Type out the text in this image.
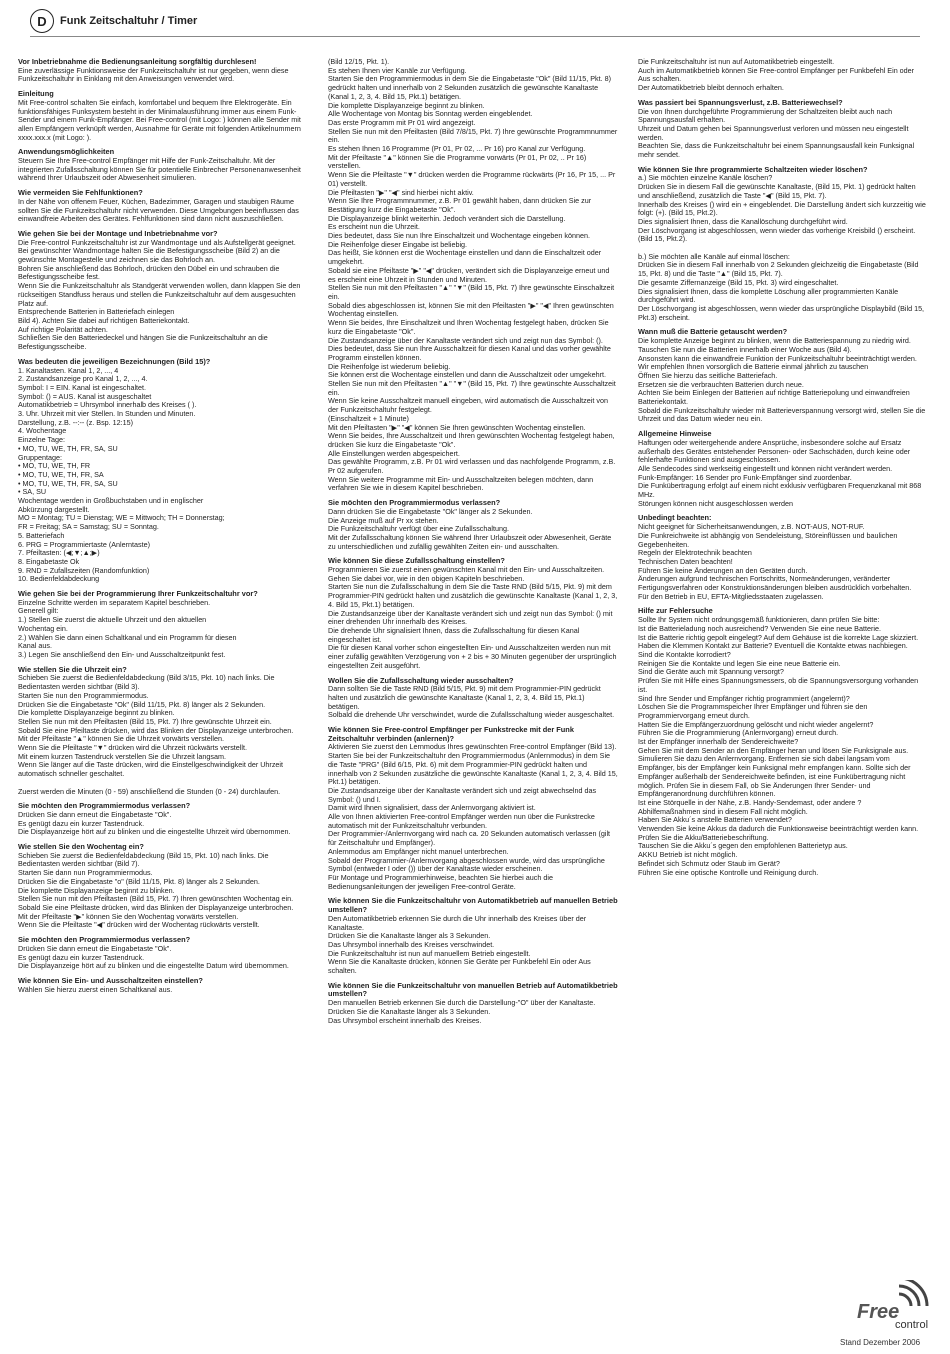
D	Funk Zeitschaltuhr / Timer
Vor Inbetriebnahme die Bedienungsanleitung sorgfältig durchlesen!

Eine zuverlässige Funktionsweise der Funkzeitschaltuhr ist nur gegeben, wenn diese Funkzeitschaltuhr in Einklang mit den Anweisungen verwendet wird.

Einleitung

Mit Free-control schalten Sie einfach, komfortabel und bequem Ihre Elektrogeräte. Ein funktionsfähiges Funksystem besteht in der Minimalausführung immer aus einem Funk-Sender und einem Funk-Empfänger. Bei Free-control (mit Logo: ) können alle Sender mit allen Empfängern verknüpft werden, Ausnahme für Geräte mit folgenden Artikelnummern xxxx.xxx.x (mit Logo: ).

Anwendungsmöglichkeiten

Steuern Sie Ihre Free-control Empfänger mit Hilfe der Funk-Zeitschaltuhr. Mit der integrierten Zufallsschaltung können Sie für potentielle Einbrecher Personenanwesenheit während Ihrer Urlaubszeit oder Abwesenheit simulieren.

Wie vermeiden Sie Fehlfunktionen?

In der Nähe von offenem Feuer, Küchen, Badezimmer, Garagen und staubigen Räume sollten Sie die Funkzeitschaltuhr nicht verwenden. Diese Umgebungen beeinflussen das einwandfreie Arbeiten des Gerätes. Fehlfunktionen sind dann nicht auszuschließen.

Wie gehen Sie bei der Montage und Inbetriebnahme vor?

Die Free-control Funkzeitschaltuhr ist zur Wandmontage und als Aufstellgerät geeignet.
Bei gewünschter Wandmontage halten Sie die Befestigungsscheibe (Bild 2) an die gewünschte Montagestelle und zeichnen sie das Bohrloch an.
Bohren Sie anschließend das Bohrloch, drücken den Dübel ein und schrauben die Befestigungsscheibe fest.
Wenn Sie die Funkzeitschaltuhr als Standgerät verwenden wollen, dann klappen Sie den rückseitigen Standfuss heraus und stellen die Funkzeitschaltuhr auf dem ausgesuchten Platz auf.
Entsprechende Batterien in Batteriefach einlegen
Bild 4). Achten Sie dabei auf richtigen Batteriekontakt.
Auf richtige Polarität achten.
Schließen Sie den Batteriedeckel und hängen Sie die Funkzeitschaltuhr an die Befestigungsscheibe.

Was bedeuten die jeweiligen Bezeichnungen (Bild 15)?

1. Kanaltasten. Kanal 1, 2, ..., 4
2. Zustandsanzeige pro Kanal 1, 2, ..., 4.
Symbol: I = EIN. Kanal ist eingeschaltet.
Symbol: () = AUS. Kanal ist ausgeschaltet
Automatikbetrieb = Uhrsymbol innerhalb des Kreises ( ).
3. Uhr. Uhrzeit mit vier Stellen. In Stunden und Minuten.
Darstellung, z.B. --:-- (z. Bsp. 12:15)
4. Wochentage
Einzelne Tage:
• MO, TU, WE, TH, FR, SA, SU
Gruppentage:
• MO, TU, WE, TH, FR
• MO, TU, WE, TH, FR, SA
• MO, TU, WE, TH, FR, SA, SU
• SA, SU
Wochentage werden in Großbuchstaben und in englischer
Abkürzung dargestellt.
MO = Montag; TU = Dienstag; WE = Mittwoch; TH = Donnerstag;
FR = Freitag; SA = Samstag; SU = Sonntag.
5. Batteriefach
6. PRG = Programmiertaste (Anlerntaste)
7. Pfeiltasten: (◀;▼;▲;▶)
8. Eingabetaste Ok
9. RND = Zufallszeiten (Randomfunktion)
10. Bedienfeldabdeckung

Wie gehen Sie bei der Programmierung Ihrer Funkzeitschaltuhr vor?

Einzelne Schritte werden im separatem Kapitel beschrieben.
Generell gilt:
1.) Stellen Sie zuerst die aktuelle Uhrzeit und den aktuellen
Wochentag ein.
2.) Wählen Sie dann einen Schaltkanal und ein Programm für diesen
Kanal aus.
3.) Legen Sie anschließend den Ein- und Ausschaltzeitpunkt fest.

Wie stellen Sie die Uhrzeit ein?

Schieben Sie zuerst die Bedienfeldabdeckung (Bild 3/15, Pkt. 10) nach links. Die Bedientasten werden sichtbar (Bild 3).
Starten Sie nun den Programmiermodus.
Drücken Sie die Eingabetaste "Ok" (Bild 11/15, Pkt. 8) länger als 2 Sekunden.
Die komplette Displayanzeige beginnt zu blinken.
Stellen Sie nun mit den Pfeiltasten (Bild 15, Pkt. 7) Ihre gewünschte Uhrzeit ein.
Sobald Sie eine Pfeiltaste drücken, wird das Blinken der Displayanzeige unterbrochen.
Mit der Pfeiltaste "▲" können Sie die Uhrzeit vorwärts verstellen.
Wenn Sie die Pfeiltaste "▼" drücken wird die Uhrzeit rückwärts verstellt.
Mit einem kurzen Tastendruck verstellen Sie die Uhrzeit langsam.
Wenn Sie länger auf die Taste drücken, wird die Einstellgeschwindigkeit der Uhrzeit automatisch schneller geschaltet.

Zuerst werden die Minuten (0 - 59) anschließend die Stunden (0 - 24) durchlaufen.

Sie möchten den Programmiermodus verlassen?

Drücken Sie dann erneut die Eingabetaste "Ok".
Es genügt dazu ein kurzer Tastendruck.
Die Displayanzeige hört auf zu blinken und die eingestellte Uhrzeit wird übernommen.

Wie stellen Sie den Wochentag ein?

Schieben Sie zuerst die Bedienfeldabdeckung (Bild 15, Pkt. 10) nach links. Die Bedientasten werden sichtbar (Bild 7).
Starten Sie dann nun Programmiermodus.
Drücken Sie die Eingabetaste "o" (Bild 11/15, Pkt. 8) länger als 2 Sekunden.
Die komplette Displayanzeige beginnt zu blinken.
Stellen Sie nun mit den Pfeiltasten (Bild 15, Pkt. 7) Ihren gewünschten Wochentag ein.
Sobald Sie eine Pfeiltaste drücken, wird das Blinken der Displayanzeige unterbrochen.
Mit der Pfeiltaste "▶" können Sie den Wochentag vorwärts verstellen.
Wenn Sie die Pfeiltaste "◀" drücken wird der Wochentag rückwärts verstellt.

Sie möchten den Programmiermodus verlassen?

Drücken Sie dann erneut die Eingabetaste "Ok".
Es genügt dazu ein kurzer Tastendruck.
Die Displayanzeige hört auf zu blinken und die eingestellte Datum wird übernommen.

Wie können Sie Ein- und Ausschaltzeiten einstellen?

Wählen Sie hierzu zuerst einen Schaltkanal aus.

(Bild 12/15, Pkt. 1).
Es stehen Ihnen vier Kanäle zur Verfügung.
Starten Sie den Programmiermodus in dem Sie die Eingabetaste "Ok" (Bild 11/15, Pkt. 8) gedrückt halten und innerhalb von 2 Sekunden zusätzlich die gewünschte Kanaltaste (Kanal 1, 2, 3, 4. Bild 15, Pkt.1) betätigen.
Die komplette Displayanzeige beginnt zu blinken.
Alle Wochentage von Montag bis Sonntag werden eingeblendet.
Das erste Programm mit Pr 01 wird angezeigt.
Stellen Sie nun mit den Pfeiltasten (Bild 7/8/15, Pkt. 7) Ihre gewünschte Programmnummer ein.
Es stehen Ihnen 16 Programme (Pr 01, Pr 02, ... Pr 16) pro Kanal zur Verfügung.
Mit der Pfeiltaste "▲" können Sie die Programme vorwärts (Pr 01, Pr 02, .. Pr 16) verstellen.
Wenn Sie die Pfeiltaste "▼" drücken werden die Programme rückwärts (Pr 16, Pr 15, ... Pr 01) verstellt.
Die Pfeiltasten "▶" "◀" sind hierbei nicht aktiv.
Wenn Sie Ihre Programmnummer, z.B. Pr 01 gewählt haben, dann drücken Sie zur Bestätigung kurz die Eingabetaste "Ok".
Die Displayanzeige blinkt weiterhin. Jedoch verändert sich die Darstellung.
Es erscheint nun die Uhrzeit.
Dies bedeutet, dass Sie nun Ihre Einschaltzeit und Wochentage eingeben können.
Die Reihenfolge dieser Eingabe ist beliebig.
Das heißt, Sie können erst die Wochentage einstellen und dann die Einschaltzeit oder umgekehrt.
Sobald sie eine Pfeiltaste "▶" "◀" drücken, verändert sich die Displayanzeige erneut und es erscheint eine Uhrzeit in Stunden und Minuten.
Stellen Sie nun mit den Pfeiltasten "▲" "▼" (Bild 15, Pkt. 7) Ihre gewünschte Einschaltzeit ein.
Sobald dies abgeschlossen ist, können Sie mit den Pfeiltasten "▶" "◀" Ihren gewünschten Wochentag einstellen.
Wenn Sie beides, Ihre Einschaltzeit und Ihren Wochentag festgelegt haben, drücken Sie kurz die Eingabetaste "Ok".
Die Zustandsanzeige über der Kanaltaste verändert sich und zeigt nun das Symbol: ().
Dies bedeutet, dass Sie nun Ihre Ausschaltzeit für diesen Kanal und das vorher gewählte Programm einstellen können.
Die Reihenfolge ist wiederum beliebig.
Sie können erst die Wochentage einstellen und dann die Ausschaltzeit oder umgekehrt.
Stellen Sie nun mit den Pfeiltasten "▲" "▼" (Bild 15, Pkt. 7) Ihre gewünschte Ausschaltzeit ein.
Wenn Sie keine Ausschaltzeit manuell eingeben, wird automatisch die Ausschaltzeit von der Funkzeitschaltuhr festgelegt.
(Einschaltzeit + 1 Minute)
Mit den Pfeiltasten "▶" "◀" können Sie Ihren gewünschten Wochentag einstellen.
Wenn Sie beides, Ihre Ausschaltzeit und Ihren gewünschten Wochentag festgelegt haben, drücken Sie kurz die Eingabetaste "Ok".
Alle Einstellungen werden abgespeichert.
Das gewählte Programm, z.B. Pr 01 wird verlassen und das nachfolgende Programm, z.B. Pr 02 aufgerufen.
Wenn Sie weitere Programme mit Ein- und Ausschaltzeiten belegen möchten, dann verfahren Sie wie in diesem Kapitel beschrieben.

Sie möchten den Programmiermodus verlassen?

Dann drücken Sie die Eingabetaste "Ok" länger als 2 Sekunden.
Die Anzeige muß auf Pr xx stehen.
Die Funkzeitschaltuhr verfügt über eine Zufallsschaltung.
Mit der Zufallsschaltung können Sie während Ihrer Urlaubszeit oder Abwesenheit, Geräte zu unterschiedlichen und zufällig gewählten Zeiten ein- und ausschalten.

Wie können Sie diese Zufallsschaltung einstellen?

Programmieren Sie zuerst einen gewünschten Kanal mit den Ein- und Ausschaltzeiten.
Gehen Sie dabei vor, wie in den obigen Kapiteln beschrieben.
Starten Sie nun die Zufallsschaltung in dem Sie die Taste RND (Bild 5/15, Pkt. 9) mit dem Programmier-PIN gedrückt halten und zusätzlich die gewünschte Kanaltaste (Kanal 1, 2, 3, 4. Bild 15, Pkt.1) betätigen.
Die Zustandsanzeige über der Kanaltaste verändert sich und zeigt nun das Symbol: () mit einer drehenden Uhr innerhalb des Kreises.
Die drehende Uhr signalisiert Ihnen, dass die Zufallsschaltung für diesen Kanal eingeschaltet ist.
Die für diesen Kanal vorher schon eingestellten Ein- und Ausschaltzeiten werden nun mit einer zufällig gewählten Verzögerung von + 2 bis + 30 Minuten gegenüber der ursprünglich eingestellten Zeit ausgeführt.

Wollen Sie die Zufallsschaltung wieder ausschalten?

Dann sollten Sie die Taste RND (Bild 5/15, Pkt. 9) mit dem Programmier-PIN gedrückt halten und zusätzlich die gewünschte Kanaltaste (Kanal 1, 2, 3, 4. Bild 15, Pkt.1) betätigen.
Solbald die drehende Uhr verschwindet, wurde die Zufallsschaltung wieder ausgeschaltet.

Wie können Sie Free-control Empfänger per Funkstrecke mit der Funk Zeitschaltuhr verbinden (anlernen)?

Aktivieren Sie zuerst den Lernmodus Ihres gewünschten Free-control Empfänger (Bild 13).
Starten Sie bei der Funkzeitschaltuhr den Programmiermodus (Anlernmodus) in dem Sie die Taste "PRG" (Bild 6/15, Pkt. 6) mit dem Programmier-PIN gedrückt halten und innerhalb von 2 Sekunden zusätzliche die gewünschte Kanaltaste (Kanal 1, 2, 3, 4. Bild 15, Pkt.1) betätigen.
Die Zustandsanzeige über der Kanaltaste verändert sich und zeigt abwechselnd das Symbol: () und I.
Damit wird Ihnen signalisiert, dass der Anlernvorgang aktiviert ist.
Alle von Ihnen aktivierten Free-control Empfänger werden nun über die Funkstrecke automatisch mit der Funkzeitschaltuhr verbunden.
Der Programmier-/Anlernvorgang wird nach ca. 20 Sekunden automatisch verlassen (gilt für Zeitschaltuhr und Empfänger).
Anlernmodus am Empfänger nicht manuel unterbrechen.
Sobald der Programmier-/Anlernvorgang abgeschlossen wurde, wird das ursprüngliche Symbol (entweder I oder ()) über der Kanaltaste wieder erscheinen.
Für Montage und Programmierhinweise, beachten Sie hierbei auch die Bedienungsanleitungen der jeweiligen Free-control Geräte.

Wie können Sie die Funkzeitschaltuhr von Automatikbetrieb auf manuellen Betrieb umstellen?

Den Automatikbetrieb erkennen Sie durch die Uhr innerhalb des Kreises über der Kanaltaste.
Drücken Sie die Kanaltaste länger als 3 Sekunden.
Das Uhrsymbol innerhalb des Kreises verschwindet.
Die Funkzeitschaltuhr ist nun auf manuellem Betrieb eingestellt.
Wenn Sie die Kanaltaste drücken, können Sie Geräte per Funkbefehl Ein oder Aus schalten.

Wie können Sie die Funkzeitschaltuhr von manuellen Betrieb auf Automatikbetrieb umstellen?

Den manuellen Betrieb erkennen Sie durch die Darstellung-"O" über der Kanaltaste.
Drücken Sie die Kanaltaste länger als 3 Sekunden.
Das Uhrsymbol erscheint innerhalb des Kreises.

Die Funkzeitschaltuhr ist nun auf Automatikbetrieb eingestellt.
Auch im Automatikbetrieb können Sie Free-control Empfänger per Funkbefehl Ein oder Aus schalten.
Der Automatikbetrieb bleibt dennoch erhalten.

Was passiert bei Spannungsverlust, z.B. Batteriewechsel?

Die von Ihnen durchgeführte Programmierung der Schaltzeiten bleibt auch nach Spannungsausfall erhalten.
Uhrzeit und Datum gehen bei Spannungsverlust verloren und müssen neu eingestellt werden.
Beachten Sie, dass die Funkzeitschaltuhr bei einem Spannungsausfall kein Funksignal mehr sendet.

Wie können Sie Ihre programmierte Schaltzeiten wieder löschen?

a.) Sie möchten einzelne Kanäle löschen?
Drücken Sie in diesem Fall die gewünschte Kanaltaste, (Bild 15, Pkt. 1) gedrückt halten und anschließend, zusätzlich die Taste "◀" (Bild 15, Pkt. 7).
Innerhalb des Kreises () wird ein + eingeblendet. Die Darstellung ändert sich kurzzeitig wie folgt: (+). (Bild 15, Pkt.2).
Dies signalisiert Ihnen, dass die Kanallöschung durchgeführt wird.
Der Löschvorgang ist abgeschlossen, wenn wieder das vorherige Kreisbild () erscheint. (Bild 15, Pkt.2).

b.) Sie möchten alle Kanäle auf einmal löschen:
Drücken Sie in diesem Fall innerhalb von 2 Sekunden gleichzeitig die Eingabetaste (Bild 15, Pkt. 8) und die Taste "▲" (Bild 15, Pkt. 7).
Die gesamte Ziffernanzeige (Bild 15, Pkt. 3) wird eingeschaltet.
Dies signalisiert Ihnen, dass die komplette Löschung aller programmierten Kanäle durchgeführt wird.
Der Löschvorgang ist abgeschlossen, wenn wieder das ursprüngliche Displaybild (Bild 15, Pkt.3) erscheint.

Wann muß die Batterie getauscht werden?

Die komplette Anzeige beginnt zu blinken, wenn die Batteriespannung zu niedrig wird.
Tauschen Sie nun die Batterien innerhalb einer Woche aus (Bild 4).
Ansonsten kann die einwandfreie Funktion der Funkzeitschaltuhr beeinträchtigt werden.
Wir empfehlen Ihnen vorsorglich die Batterie einmal jährlich zu tauschen
Öffnen Sie hierzu das seitliche Batteriefach.
Ersetzen sie die verbrauchten Batterien durch neue.
Achten Sie beim Einlegen der Batterien auf richtige Batteriepolung und einwandfreien Batteriekontakt.
Sobald die Funkzeitschaltuhr wieder mit Batterieverspannung versorgt wird, stellen Sie die Uhrzeit und das Datum wieder neu ein.

Allgemeine Hinweise

Haftungen oder weitergehende andere Ansprüche, insbesondere solche auf Ersatz außerhalb des Gerätes entstehender Personen- oder Sachschäden, durch keine oder fehlerhafte Funktionen sind ausgeschlossen.
Alle Sendecodes sind werkseitig eingestellt und können nicht verändert werden.
Funk-Empfänger: 16 Sender pro Funk-Empfänger sind zuordenbar.
Die Funkübertragung erfolgt auf einem nicht exklusiv verfügbaren Frequenzkanal mit 868 MHz.
Störungen können nicht ausgeschlossen werden

Unbedingt beachten:

Nicht geeignet für Sicherheitsanwendungen, z.B. NOT-AUS, NOT-RUF.
Die Funkreichweite ist abhängig von Sendeleistung, Störeinflüssen und baulichen Gegebenheiten.
Regeln der Elektrotechnik beachten
Technischen Daten beachten!
Führen Sie keine Änderungen an den Geräten durch.
Änderungen aufgrund technischen Fortschritts, Normeänderungen, veränderter Fertigungsverfahren oder Konstruktionsänderungen bleiben ausdrücklich vorbehalten.
Für den Betrieb in EU, EFTA-Mitgliedsstaaten zugelassen.

Hilfe zur Fehlersuche

Sollte Ihr System nicht ordnungsgemäß funktionieren, dann prüfen Sie bitte:
Ist die Batterieladung noch ausreichend? Verwenden Sie eine neue Batterie.
Ist die Batterie richtig gepolt eingelegt? Auf dem Gehäuse ist die korrekte Lage skizziert.
Haben die Klemmen Kontakt zur Batterie? Eventuell die Kontakte etwas nachbiegen.
Sind die Kontakte korrodiert?
Reinigen Sie die Kontakte und legen Sie eine neue Batterie ein.
Sind die Geräte auch mit Spannung versorgt?
Prüfen Sie mit Hilfe eines Spannungsmessers, ob die Spannungsversorgung vorhanden ist.
Sind Ihre Sender und Empfänger richtig programmiert (angelernt)?
Löschen Sie die Programmspeicher Ihrer Empfänger und führen sie den Programmiervorgang erneut durch.
Hatten Sie die Empfängerzuordnung gelöscht und nicht wieder angelernt?
Führen Sie die Programmierung (Anlernvorgang) erneut durch.
Ist der Empfänger innerhalb der Sendereichweite?
Gehen Sie mit dem Sender an den Empfänger heran und lösen Sie Funksignale aus. Simulieren Sie dazu den Anlernvorgang. Entfernen sie sich dabei langsam vom Empfänger, bis der Empfänger kein Funksignal mehr empfangen kann. Sollte sich der Empfänger außerhalb der Sendereichweite befinden, ist eine Funkübertragung nicht möglich. Prüfen Sie in diesem Fall, ob Sie Änderungen Ihrer Sender- und Empfängeranordnung durchführen können.
Ist eine Störquelle in der Nähe, z.B. Handy-Sendemast, oder andere ?
Abhilfemaßnahmen sind in diesem Fall nicht möglich.
Haben Sie Akku´s anstelle Batterien verwendet?
Verwenden Sie keine Akkus da dadurch die Funktionsweise beeinträchtigt werden kann. Prüfen Sie die Akku/Batteriebeschriftung.
Tauschen Sie die Akku´s gegen den empfohlenen Batterietyp aus.
AKKU Betrieb ist nicht möglich.
Befindet sich Schmutz oder Staub im Gerät?
Führen Sie eine optische Kontrolle und Reinigung durch.

Free
control
Stand Dezember 2006
